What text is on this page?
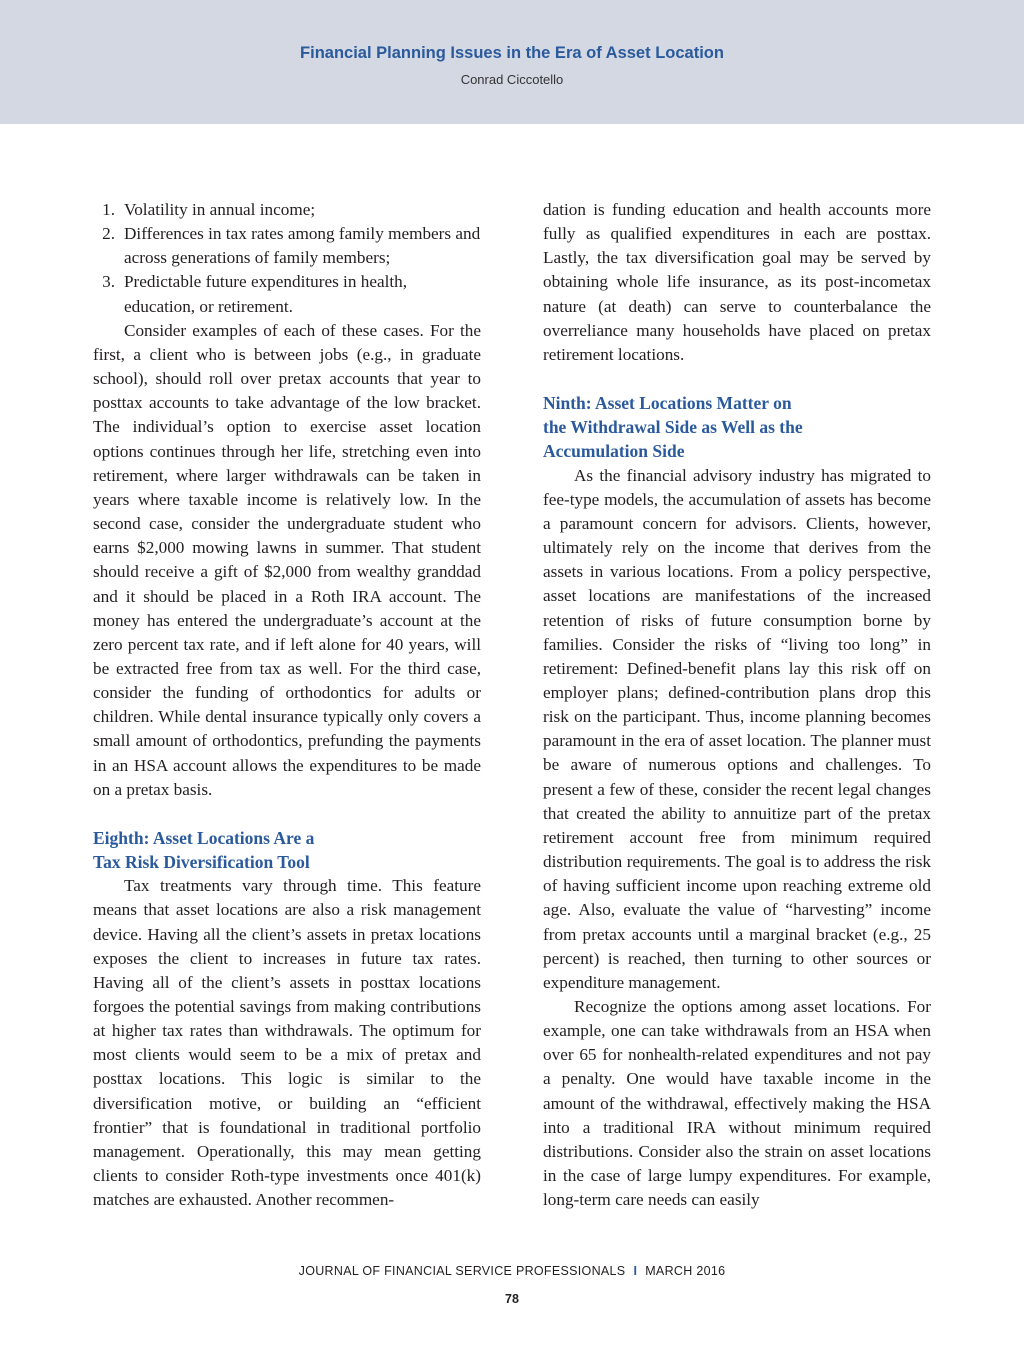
Financial Planning Issues in the Era of Asset Location
Conrad Ciccotello
1. Volatility in annual income;
2. Differences in tax rates among family members and across generations of family members;
3. Predictable future expenditures in health, education, or retirement.

Consider examples of each of these cases. For the first, a client who is between jobs (e.g., in graduate school), should roll over pretax accounts that year to posttax accounts to take advantage of the low bracket. The individual’s option to exercise asset location options continues through her life, stretching even into retirement, where larger withdrawals can be taken in years where taxable income is relatively low. In the second case, consider the undergraduate student who earns $2,000 mowing lawns in summer. That student should receive a gift of $2,000 from wealthy granddad and it should be placed in a Roth IRA account. The money has entered the undergraduate’s account at the zero percent tax rate, and if left alone for 40 years, will be extracted free from tax as well. For the third case, consider the funding of orthodontics for adults or children. While dental insurance typically only covers a small amount of orthodontics, prefunding the payments in an HSA account allows the expenditures to be made on a pretax basis.

Eighth: Asset Locations Are a
Tax Risk Diversification Tool

Tax treatments vary through time. This feature means that asset locations are also a risk management device. Having all the client’s assets in pretax locations exposes the client to increases in future tax rates. Having all of the client’s assets in posttax locations forgoes the potential savings from making contributions at higher tax rates than withdrawals. The optimum for most clients would seem to be a mix of pretax and posttax locations. This logic is similar to the diversification motive, or building an “efficient frontier” that is foundational in traditional portfolio management. Operationally, this may mean getting clients to consider Roth-type investments once 401(k) matches are exhausted. Another recommen-

dation is funding education and health accounts more fully as qualified expenditures in each are posttax. Lastly, the tax diversification goal may be served by obtaining whole life insurance, as its post-incometax nature (at death) can serve to counterbalance the overreliance many households have placed on pretax retirement locations.

Ninth: Asset Locations Matter on
the Withdrawal Side as Well as the
Accumulation Side

As the financial advisory industry has migrated to fee-type models, the accumulation of assets has become a paramount concern for advisors. Clients, however, ultimately rely on the income that derives from the assets in various locations. From a policy perspective, asset locations are manifestations of the increased retention of risks of future consumption borne by families. Consider the risks of “living too long” in retirement: Defined-benefit plans lay this risk off on employer plans; defined-contribution plans drop this risk on the participant. Thus, income planning becomes paramount in the era of asset location. The planner must be aware of numerous options and challenges. To present a few of these, consider the recent legal changes that created the ability to annuitize part of the pretax retirement account free from minimum required distribution requirements. The goal is to address the risk of having sufficient income upon reaching extreme old age. Also, evaluate the value of “harvesting” income from pretax accounts until a marginal bracket (e.g., 25 percent) is reached, then turning to other sources or expenditure management.

Recognize the options among asset locations. For example, one can take withdrawals from an HSA when over 65 for nonhealth-related expenditures and not pay a penalty. One would have taxable income in the amount of the withdrawal, effectively making the HSA into a traditional IRA without minimum required distributions. Consider also the strain on asset locations in the case of large lumpy expenditures. For example, long-term care needs can easily

JOURNAL OF FINANCIAL SERVICE PROFESSIONALS I MARCH 2016
78
